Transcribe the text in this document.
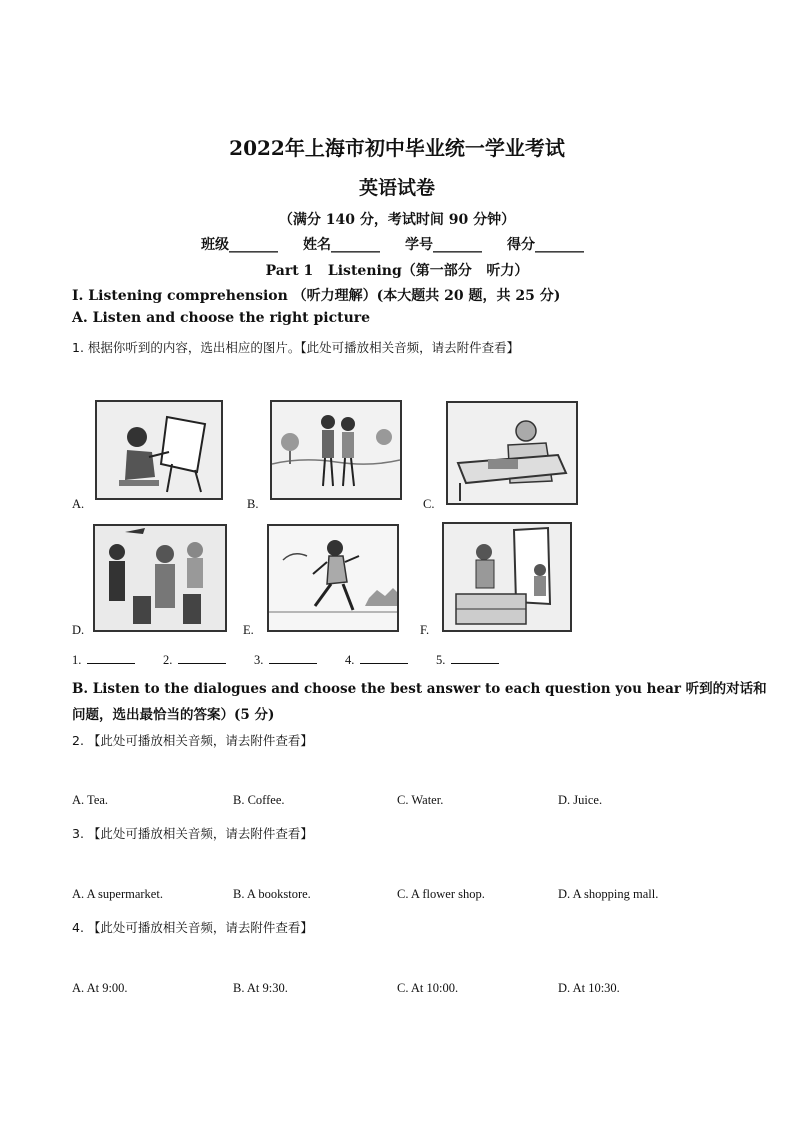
2022年上海市初中毕业统一学业考试
英语试卷
（满分 140 分，考试时间 90 分钟）
班级_______ 姓名_______ 学号_______ 得分_______
Part 1   Listening（第一部分   听力）
I. Listening comprehension （听力理解）(本大题共 20 题，共 25 分)
A. Listen and choose the right picture
1. 根据你听到的内容，选出相应的图片。【此处可播放相关音频，请去附件查看】
A.	B.	C.
D.	E.	F.
1.	2.	3.	4.	5.
B. Listen to the dialogues and choose the best answer to each question you hear 听到的对话和
问题，选出最恰当的答案）(5 分)
2. 【此处可播放相关音频，请去附件查看】
A. Tea.	B. Coffee.	C. Water.	D. Juice.
3. 【此处可播放相关音频，请去附件查看】
A. A supermarket.	B. A bookstore.	C. A flower shop.	D. A shopping mall.
4. 【此处可播放相关音频，请去附件查看】
A. At 9:00.	B. At 9:30.	C. At 10:00.	D. At 10:30.
